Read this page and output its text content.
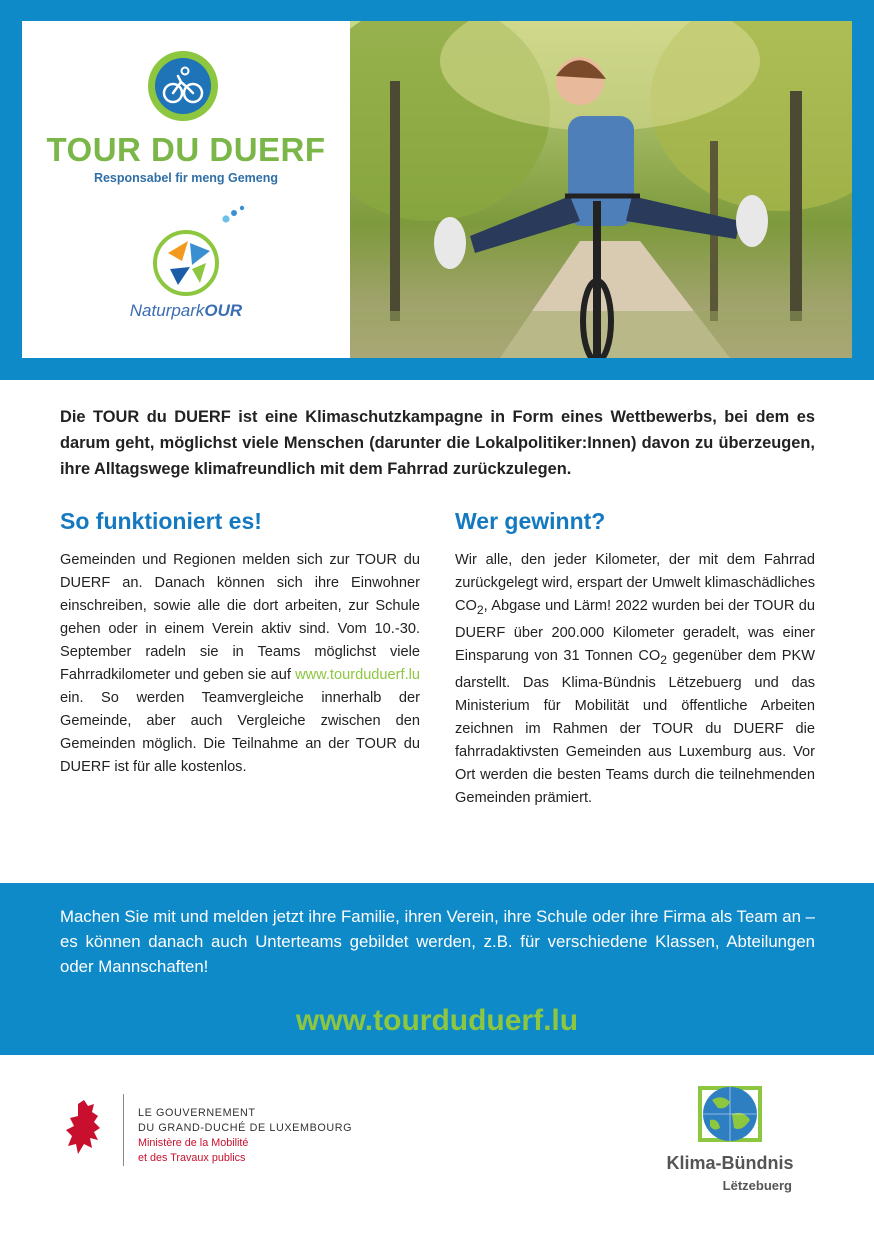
TOUR DU DUERF
Responsabel fir meng Gemeng
NaturparkOUR
Die TOUR du DUERF ist eine Klimaschutzkampagne in Form eines Wettbewerbs, bei dem es darum geht, möglichst viele Menschen (darunter die Lokalpolitiker:Innen) davon zu überzeugen, ihre Alltagswege klimafreundlich mit dem Fahrrad zurückzulegen.
So funktioniert es!

Gemeinden und Regionen melden sich zur TOUR du DUERF an. Danach können sich ihre Einwohner einschreiben, sowie alle die dort arbeiten, zur Schule gehen oder in einem Verein aktiv sind. Vom 10.-30. September radeln sie in Teams möglichst viele Fahrradkilometer und geben sie auf www.tourduduerf.lu ein. So werden Teamvergleiche innerhalb der Gemeinde, aber auch Vergleiche zwischen den Gemeinden möglich. Die Teilnahme an der TOUR du DUERF ist für alle kostenlos.

Wer gewinnt?

Wir alle, den jeder Kilometer, der mit dem Fahrrad zurückgelegt wird, erspart der Umwelt klimaschädliches $CO_2$, Abgase und Lärm! 2022 wurden bei der TOUR du DUERF über 200.000 Kilometer geradelt, was einer Einsparung von 31 Tonnen $CO_2$ gegenüber dem PKW darstellt. Das Klima-Bündnis Lëtzebuerg und das Ministerium für Mobilität und öffentliche Arbeiten zeichnen im Rahmen der TOUR du DUERF die fahrradaktivsten Gemeinden aus Luxemburg aus. Vor Ort werden die besten Teams durch die teilnehmenden Gemeinden prämiert.

Machen Sie mit und melden jetzt ihre Familie, ihren Verein, ihre Schule oder ihre Firma als Team an – es können danach auch Unterteams gebildet werden, z.B. für verschiedene Klassen, Abteilungen oder Mannschaften!
www.tourduduerf.lu
LE GOUVERNEMENT
DU GRAND-DUCHÉ DE LUXEMBOURG
Ministère de la Mobilité
et des Travaux publics	Klima-Bündnis
Lëtzebuerg
